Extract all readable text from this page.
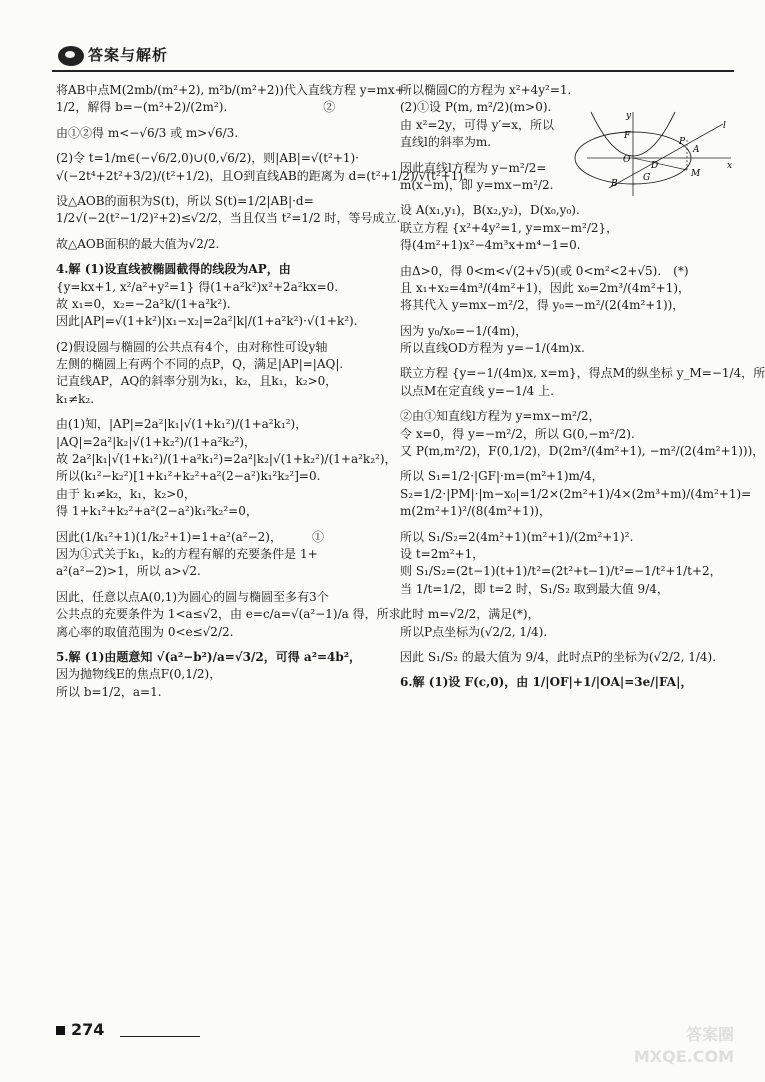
答案与解析
将AB中点M(2mb/(m²+2), m²b/(m²+2))代入直线方程 y=mx+
1/2，解得 b=−(m²+2)/(2m²).　　　　　　　　②
由①②得 m<−√6/3 或 m>√6/3.
(2)令 t=1/m∈(−√6/2,0)∪(0,√6/2)，则|AB|=√(t²+1)·
√(−2t⁴+2t²+3/2)/(t²+1/2)，且O到直线AB的距离为 d=(t²+1/2)/√(t²+1).
设△AOB的面积为S(t)，所以 S(t)=1/2|AB|·d=
1/2√(−2(t²−1/2)²+2)≤√2/2，当且仅当 t²=1/2 时，等号成立.
故△AOB面积的最大值为√2/2.
4.解 (1)设直线被椭圆截得的线段为AP，由
{y=kx+1, x²/a²+y²=1} 得(1+a²k²)x²+2a²kx=0.
故 x₁=0，x₂=−2a²k/(1+a²k²).
因此|AP|=√(1+k²)|x₁−x₂|=2a²|k|/(1+a²k²)·√(1+k²).
(2)假设圆与椭圆的公共点有4个，由对称性可设y轴
左侧的椭圆上有两个不同的点P，Q，满足|AP|=|AQ|.
记直线AP，AQ的斜率分别为k₁，k₂，且k₁，k₂>0，
k₁≠k₂.
由(1)知，|AP|=2a²|k₁|√(1+k₁²)/(1+a²k₁²)，
|AQ|=2a²|k₂|√(1+k₂²)/(1+a²k₂²)，
故 2a²|k₁|√(1+k₁²)/(1+a²k₁²)=2a²|k₂|√(1+k₂²)/(1+a²k₂²)，
所以(k₁²−k₂²)[1+k₁²+k₂²+a²(2−a²)k₁²k₂²]=0.
由于 k₁≠k₂，k₁，k₂>0，
得 1+k₁²+k₂²+a²(2−a²)k₁²k₂²=0，
因此(1/k₁²+1)(1/k₂²+1)=1+a²(a²−2)，　　　①
因为①式关于k₁，k₂的方程有解的充要条件是 1+
a²(a²−2)>1，所以 a>√2.
因此，任意以点A(0,1)为圆心的圆与椭圆至多有3个
公共点的充要条件为 1<a≤√2，由 e=c/a=√(a²−1)/a 得，所求
离心率的取值范围为 0<e≤√2/2.
5.解 (1)由题意知 √(a²−b²)/a=√3/2，可得 a²=4b²，
因为抛物线E的焦点F(0,1/2)，
所以 b=1/2，a=1.
所以椭圆C的方程为 x²+4y²=1.
(2)①设 P(m, m²/2)(m>0).
由 x²=2y，可得 y′=x，所以
直线l的斜率为m.
因此直线l方程为 y−m²/2=
m(x−m)，即 y=mx−m²/2.
设 A(x₁,y₁)，B(x₂,y₂)，D(x₀,y₀).
联立方程 {x²+4y²=1, y=mx−m²/2}，
得(4m²+1)x²−4m³x+m⁴−1=0.
由Δ>0，得 0<m<√(2+√5)(或 0<m²<2+√5).　(*)
且 x₁+x₂=4m³/(4m²+1)，因此 x₀=2m³/(4m²+1)，
将其代入 y=mx−m²/2，得 y₀=−m²/(2(4m²+1))，
因为 y₀/x₀=−1/(4m)，
所以直线OD方程为 y=−1/(4m)x.
联立方程 {y=−1/(4m)x, x=m}，得点M的纵坐标 y_M=−1/4，所
以点M在定直线 y=−1/4 上.
②由①知直线l方程为 y=mx−m²/2，
令 x=0，得 y=−m²/2，所以 G(0,−m²/2).
又 P(m,m²/2)，F(0,1/2)，D(2m³/(4m²+1), −m²/(2(4m²+1)))，
所以 S₁=1/2·|GF|·m=(m²+1)m/4，
S₂=1/2·|PM|·|m−x₀|=1/2×(2m²+1)/4×(2m³+m)/(4m²+1)=
m(2m²+1)²/(8(4m²+1))，
所以 S₁/S₂=2(4m²+1)(m²+1)/(2m²+1)².
设 t=2m²+1，
则 S₁/S₂=(2t−1)(t+1)/t²=(2t²+t−1)/t²=−1/t²+1/t+2，
当 1/t=1/2，即 t=2 时，S₁/S₂ 取到最大值 9/4，
此时 m=√2/2，满足(*)，
所以P点坐标为(√2/2, 1/4).
因此 S₁/S₂ 的最大值为 9/4，此时点P的坐标为(√2/2, 1/4).
6.解 (1)设 F(c,0)，由 1/|OF|+1/|OA|=3e/|FA|，
y
F
O
D
A
P
M
G
B
x
l
274	答案圈
MXQE.COM
